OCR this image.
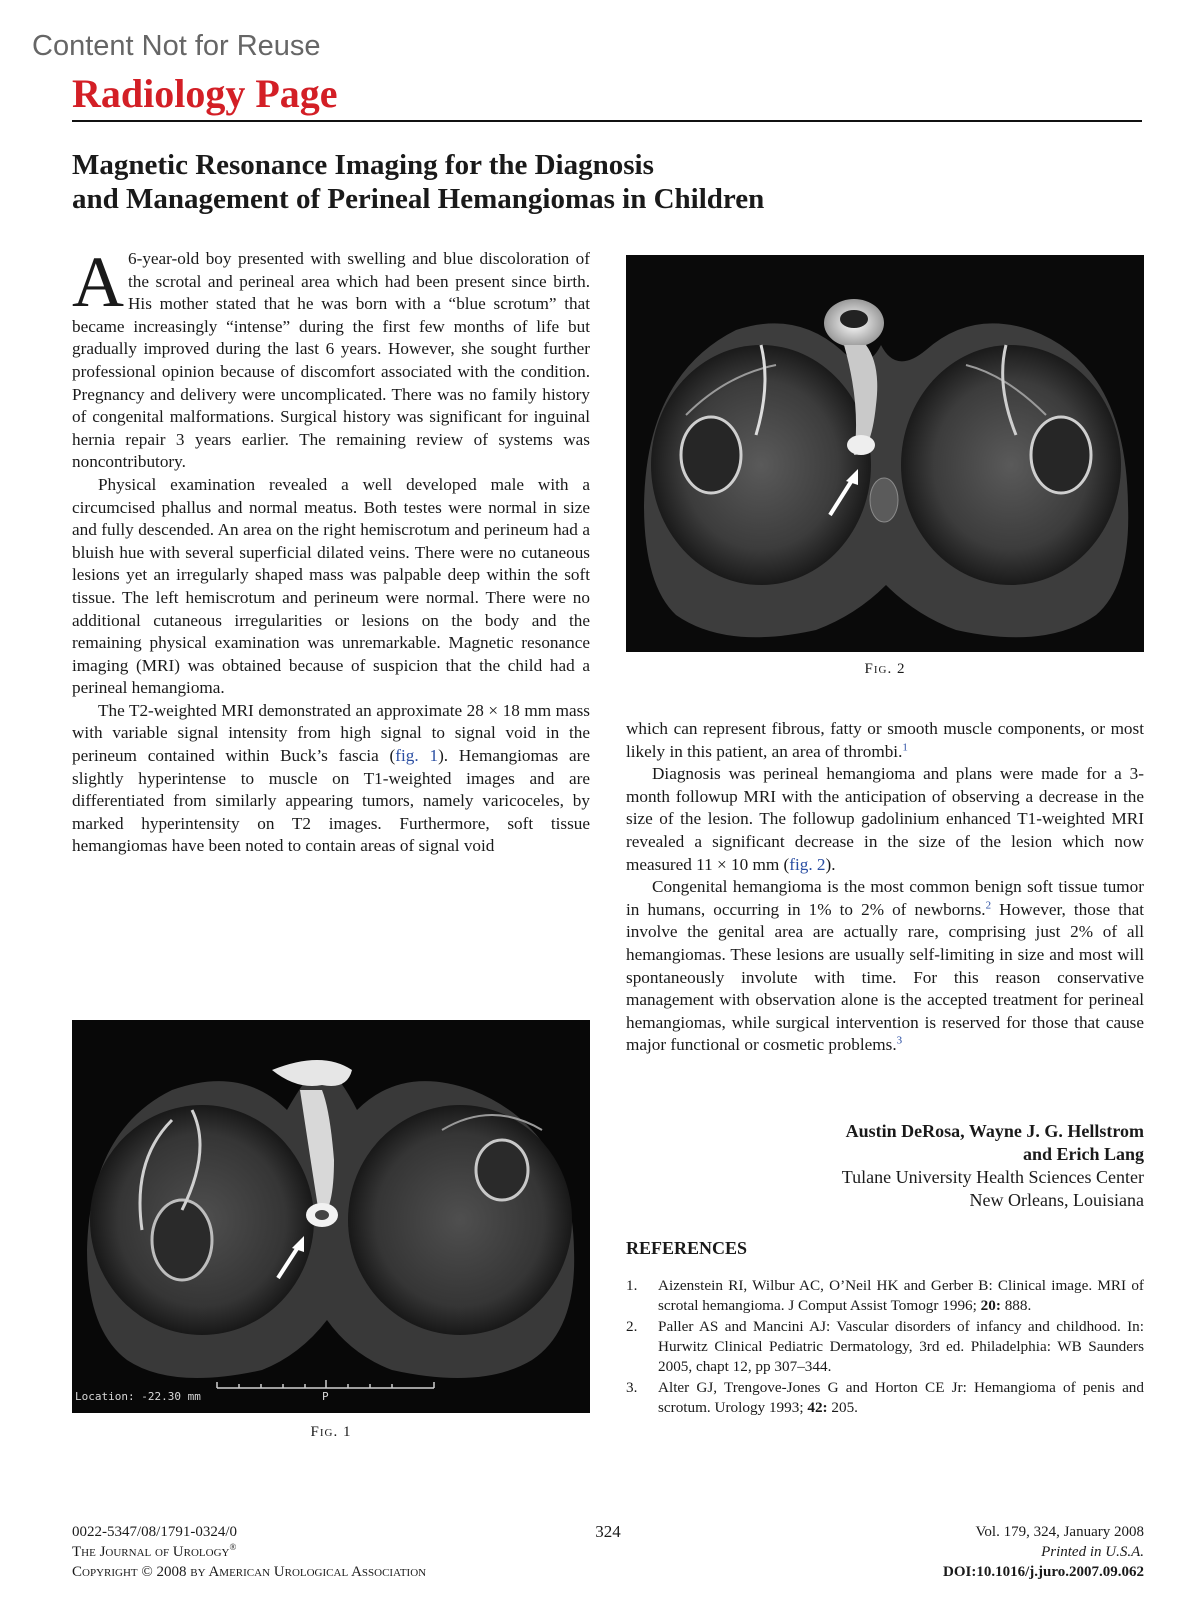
Content Not for Reuse
Radiology Page
Magnetic Resonance Imaging for the Diagnosis
and Management of Perineal Hemangiomas in Children

A 6-year-old boy presented with swelling and blue discoloration of the scrotal and perineal area which had been present since birth. His mother stated that he was born with a “blue scrotum” that became increasingly “intense” during the first few months of life but gradually improved during the last 6 years. However, she sought further professional opinion because of discomfort associated with the condition. Pregnancy and delivery were uncomplicated. There was no family history of congenital malformations. Surgical history was significant for inguinal hernia repair 3 years earlier. The remaining review of systems was noncontributory.

Physical examination revealed a well developed male with a circumcised phallus and normal meatus. Both testes were normal in size and fully descended. An area on the right hemiscrotum and perineum had a bluish hue with several superficial dilated veins. There were no cutaneous lesions yet an irregularly shaped mass was palpable deep within the soft tissue. The left hemiscrotum and perineum were normal. There were no additional cutaneous irregularities or lesions on the body and the remaining physical examination was unremarkable. Magnetic resonance imaging (MRI) was obtained because of suspicion that the child had a perineal hemangioma.

The T2-weighted MRI demonstrated an approximate 28 × 18 mm mass with variable signal intensity from high signal to signal void in the perineum contained within Buck’s fascia (fig. 1). Hemangiomas are slightly hyperintense to muscle on T1-weighted images and are differentiated from similarly appearing tumors, namely varicoceles, by marked hyperintensity on T2 images. Furthermore, soft tissue hemangiomas have been noted to contain areas of signal void

Fig. 2

which can represent fibrous, fatty or smooth muscle components, or most likely in this patient, an area of thrombi.$^1$

Diagnosis was perineal hemangioma and plans were made for a 3-month followup MRI with the anticipation of observing a decrease in the size of the lesion. The followup gadolinium enhanced T1-weighted MRI revealed a significant decrease in the size of the lesion which now measured 11 × 10 mm (fig. 2).

Congenital hemangioma is the most common benign soft tissue tumor in humans, occurring in 1% to 2% of newborns.$^2$ However, those that involve the genital area are actually rare, comprising just 2% of all hemangiomas. These lesions are usually self-limiting in size and most will spontaneously involute with time. For this reason conservative management with observation alone is the accepted treatment for perineal hemangiomas, while surgical intervention is reserved for those that cause major functional or cosmetic problems.$^3$

P
Location: -22.30 mm
Fig. 1
Austin DeRosa, Wayne J. G. Hellstrom
and Erich Lang
Tulane University Health Sciences Center
New Orleans, Louisiana
REFERENCES
1. Aizenstein RI, Wilbur AC, O’Neil HK and Gerber B: Clinical image. MRI of scrotal hemangioma. J Comput Assist Tomogr 1996; 20: 888.
2. Paller AS and Mancini AJ: Vascular disorders of infancy and childhood. In: Hurwitz Clinical Pediatric Dermatology, 3rd ed. Philadelphia: WB Saunders 2005, chapt 12, pp 307–344.
3. Alter GJ, Trengove-Jones G and Horton CE Jr: Hemangioma of penis and scrotum. Urology 1993; 42: 205.
0022-5347/08/1791-0324/0
The Journal of Urology®
Copyright © 2008 by American Urological Association
324	Vol. 179, 324, January 2008
Printed in U.S.A.
DOI:10.1016/j.juro.2007.09.062
